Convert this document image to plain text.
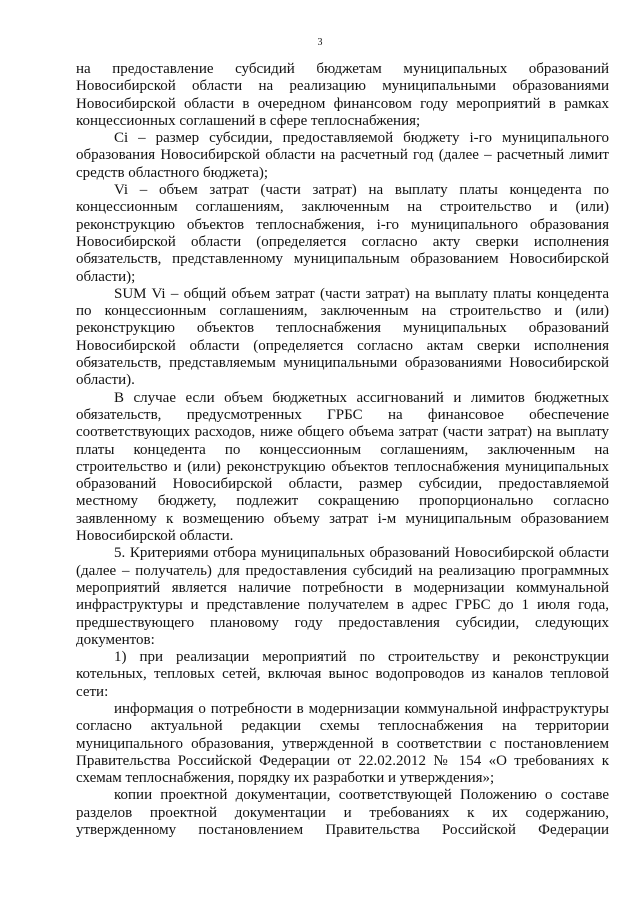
3

на предоставление субсидий бюджетам муниципальных образований Новосибирской области на реализацию муниципальными образованиями Новосибирской области в очередном финансовом году мероприятий в рамках концессионных соглашений в сфере теплоснабжения;

Ci – размер субсидии, предоставляемой бюджету i-го муниципального образования Новосибирской области на расчетный год (далее – расчетный лимит средств областного бюджета);

Vi – объем затрат (части затрат) на выплату платы концедента по концессионным соглашениям, заключенным на строительство и (или) реконструкцию объектов теплоснабжения, i-го муниципального образования Новосибирской области (определяется согласно акту сверки исполнения обязательств, представленному муниципальным образованием Новосибирской области);

SUM Vi – общий объем затрат (части затрат) на выплату платы концедента по концессионным соглашениям, заключенным на строительство и (или) реконструкцию объектов теплоснабжения муниципальных образований Новосибирской области (определяется согласно актам сверки исполнения обязательств, представляемым муниципальными образованиями Новосибирской области).

В случае если объем бюджетных ассигнований и лимитов бюджетных обязательств, предусмотренных ГРБС на финансовое обеспечение соответствующих расходов, ниже общего объема затрат (части затрат) на выплату платы концедента по концессионным соглашениям, заключенным на строительство и (или) реконструкцию объектов теплоснабжения муниципальных образований Новосибирской области, размер субсидии, предоставляемой местному бюджету, подлежит сокращению пропорционально согласно заявленному к возмещению объему затрат i-м муниципальным образованием Новосибирской области.

5. Критериями отбора муниципальных образований Новосибирской области (далее – получатель) для предоставления субсидий на реализацию программных мероприятий является наличие потребности в модернизации коммунальной инфраструктуры и представление получателем в адрес ГРБС до 1 июля года, предшествующего плановому году предоставления субсидии, следующих документов:

1) при реализации мероприятий по строительству и реконструкции котельных, тепловых сетей, включая вынос водопроводов из каналов тепловой сети:

информация о потребности в модернизации коммунальной инфраструктуры согласно актуальной редакции схемы теплоснабжения на территории муниципального образования, утвержденной в соответствии с постановлением Правительства Российской Федерации от 22.02.2012 № 154 «О требованиях к схемам теплоснабжения, порядку их разработки и утверждения»;

копии проектной документации, соответствующей Положению о составе разделов проектной документации и требованиях к их содержанию, утвержденному постановлением Правительства Российской Федерации
